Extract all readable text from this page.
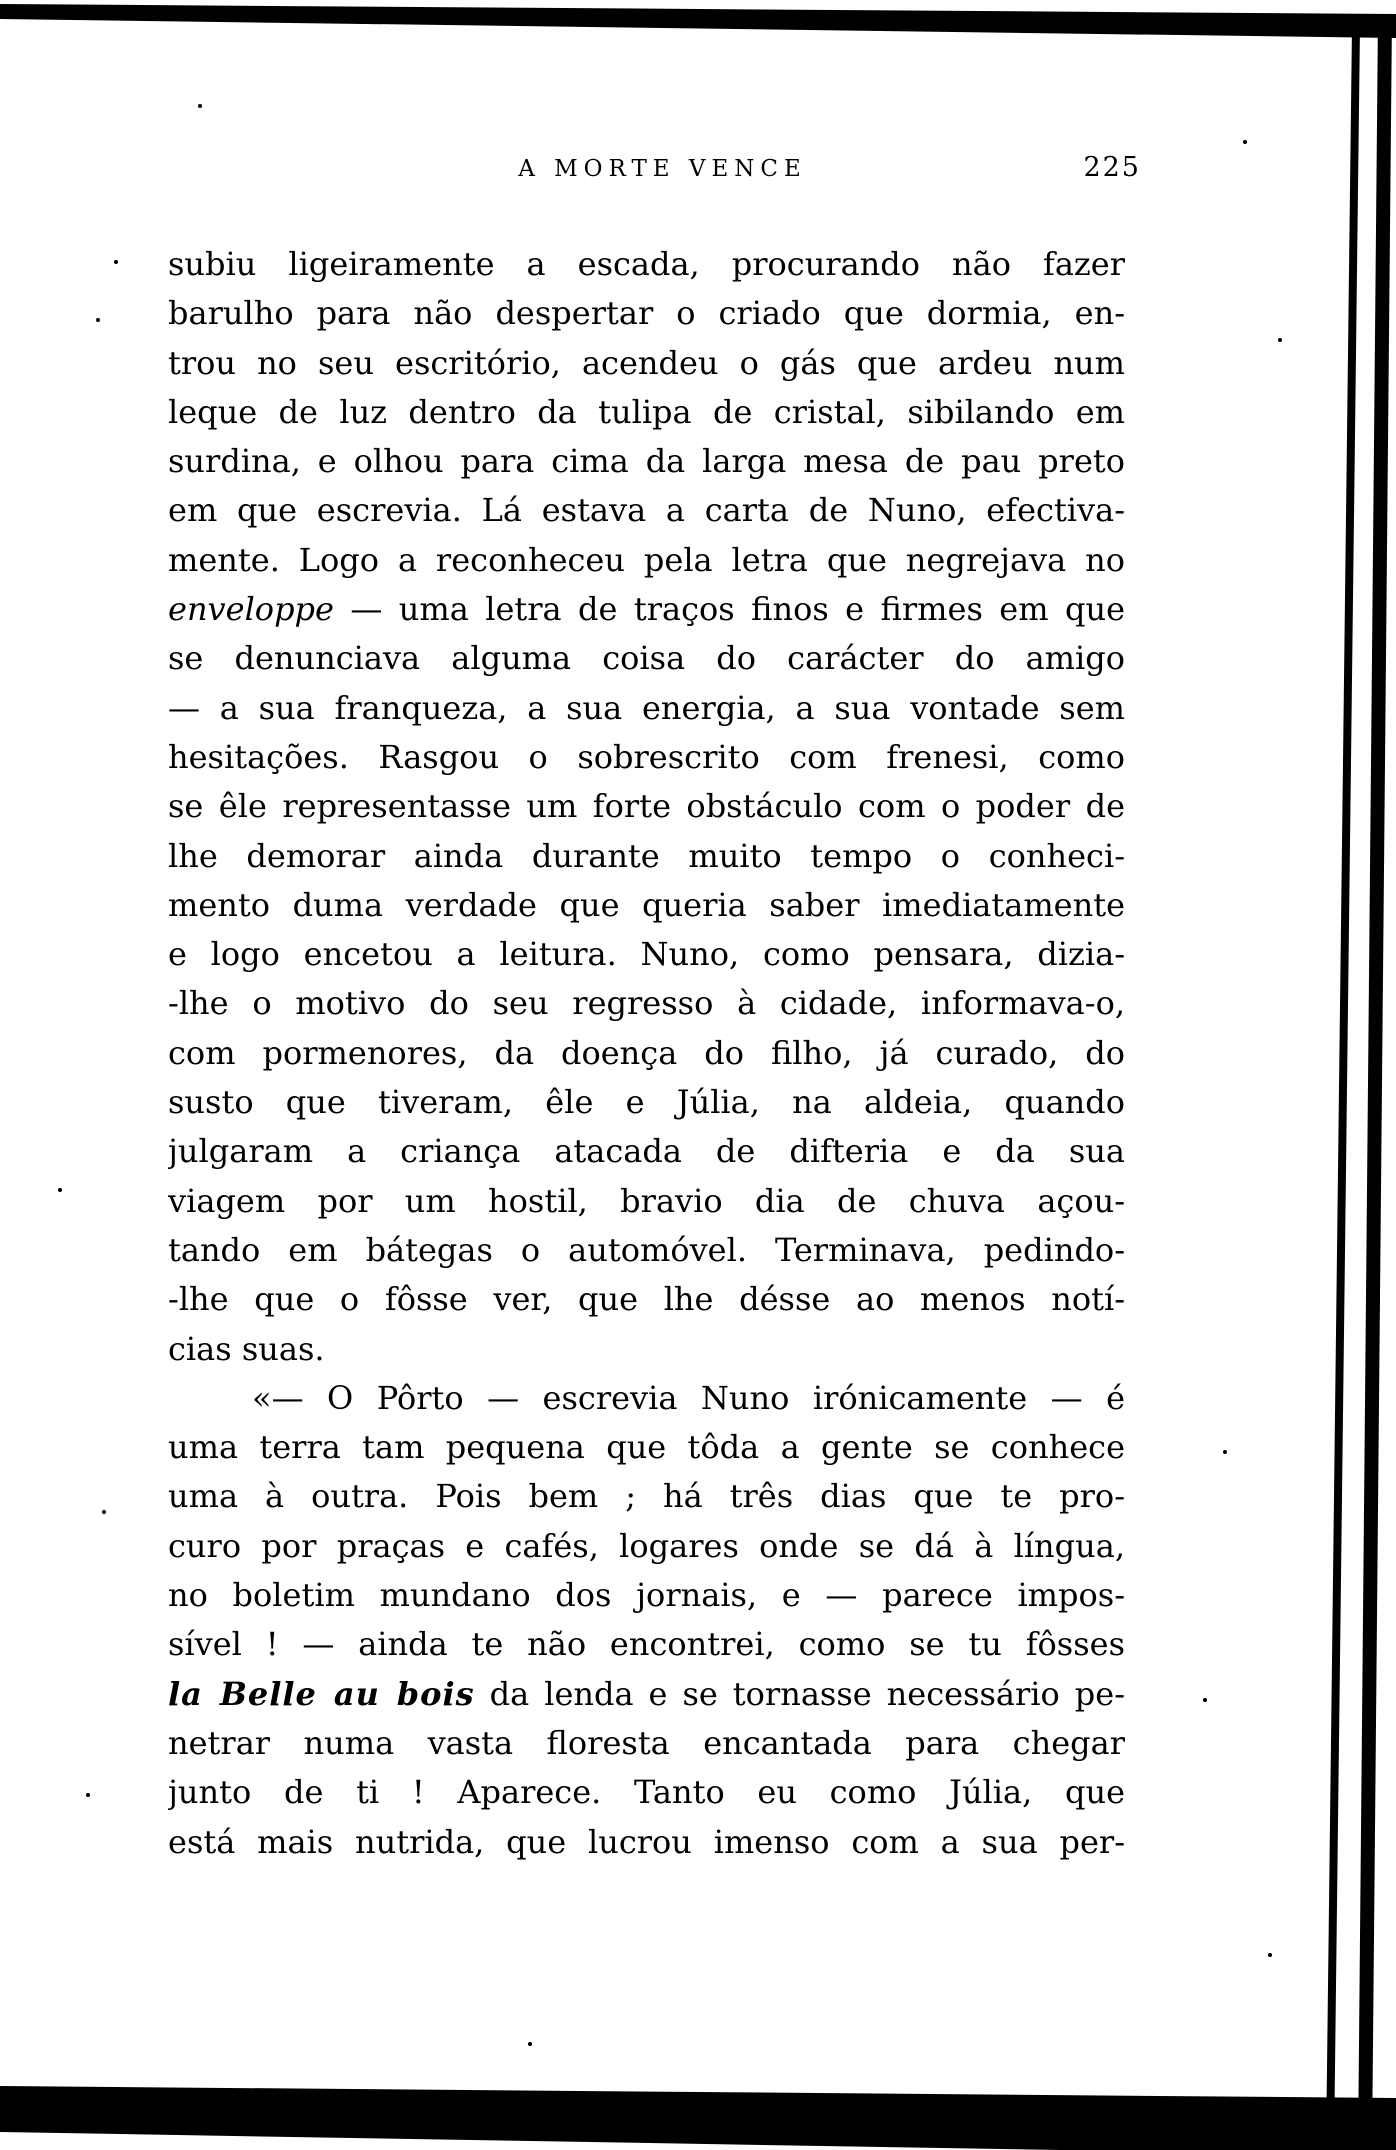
A MORTE VENCE	225
subiu ligeiramente a escada, procurando não fazer
barulho para não despertar o criado que dormia, en-
trou no seu escritório, acendeu o gás que ardeu num
leque de luz dentro da tulipa de cristal, sibilando em
surdina, e olhou para cima da larga mesa de pau preto
em que escrevia. Lá estava a carta de Nuno, efectiva-
mente. Logo a reconheceu pela letra que negrejava no
enveloppe — uma letra de traços finos e firmes em que
se denunciava alguma coisa do carácter do amigo
— a sua franqueza, a sua energia, a sua vontade sem
hesitações. Rasgou o sobrescrito com frenesi, como
se êle representasse um forte obstáculo com o poder de
lhe demorar ainda durante muito tempo o conheci-
mento duma verdade que queria saber imediatamente
e logo encetou a leitura. Nuno, como pensara, dizia-
-lhe o motivo do seu regresso à cidade, informava-o,
com pormenores, da doença do filho, já curado, do
susto que tiveram, êle e Júlia, na aldeia, quando
julgaram a criança atacada de difteria e da sua
viagem por um hostil, bravio dia de chuva açou-
tando em bátegas o automóvel. Terminava, pedindo-
-lhe que o fôsse ver, que lhe désse ao menos notí-
cias suas.
«— O Pôrto — escrevia Nuno irónicamente — é
uma terra tam pequena que tôda a gente se conhece
uma à outra. Pois bem ; há três dias que te pro-
curo por praças e cafés, logares onde se dá à língua,
no boletim mundano dos jornais, e — parece impos-
sível ! — ainda te não encontrei, como se tu fôsses
la Belle au bois da lenda e se tornasse necessário pe-
netrar numa vasta floresta encantada para chegar
junto de ti ! Aparece. Tanto eu como Júlia, que
está mais nutrida, que lucrou imenso com a sua per-
